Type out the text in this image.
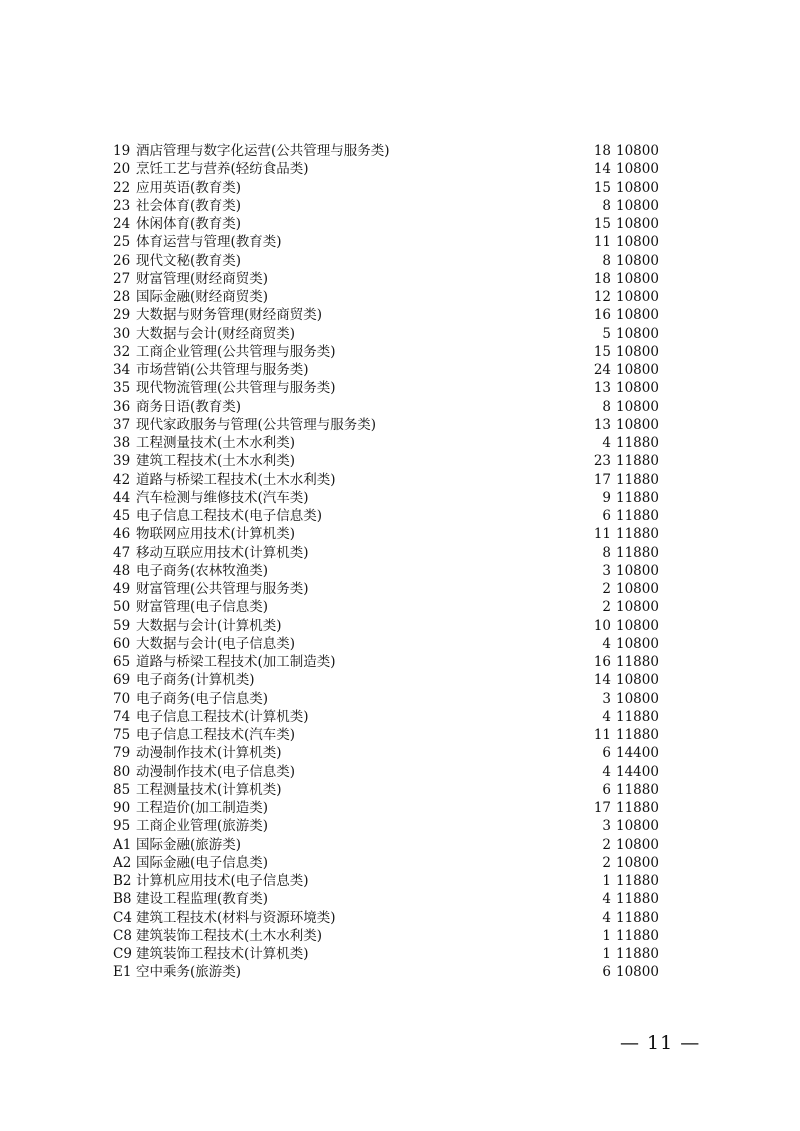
19 酒店管理与数字化运营(公共管理与服务类)	18 10800
20 烹饪工艺与营养(轻纺食品类)	14 10800
22 应用英语(教育类)	15 10800
23 社会体育(教育类)	8 10800
24 休闲体育(教育类)	15 10800
25 体育运营与管理(教育类)	11 10800
26 现代文秘(教育类)	8 10800
27 财富管理(财经商贸类)	18 10800
28 国际金融(财经商贸类)	12 10800
29 大数据与财务管理(财经商贸类)	16 10800
30 大数据与会计(财经商贸类)	5 10800
32 工商企业管理(公共管理与服务类)	15 10800
34 市场营销(公共管理与服务类)	24 10800
35 现代物流管理(公共管理与服务类)	13 10800
36 商务日语(教育类)	8 10800
37 现代家政服务与管理(公共管理与服务类)	13 10800
38 工程测量技术(土木水利类)	4 11880
39 建筑工程技术(土木水利类)	23 11880
42 道路与桥梁工程技术(土木水利类)	17 11880
44 汽车检测与维修技术(汽车类)	9 11880
45 电子信息工程技术(电子信息类)	6 11880
46 物联网应用技术(计算机类)	11 11880
47 移动互联应用技术(计算机类)	8 11880
48 电子商务(农林牧渔类)	3 10800
49 财富管理(公共管理与服务类)	2 10800
50 财富管理(电子信息类)	2 10800
59 大数据与会计(计算机类)	10 10800
60 大数据与会计(电子信息类)	4 10800
65 道路与桥梁工程技术(加工制造类)	16 11880
69 电子商务(计算机类)	14 10800
70 电子商务(电子信息类)	3 10800
74 电子信息工程技术(计算机类)	4 11880
75 电子信息工程技术(汽车类)	11 11880
79 动漫制作技术(计算机类)	6 14400
80 动漫制作技术(电子信息类)	4 14400
85 工程测量技术(计算机类)	6 11880
90 工程造价(加工制造类)	17 11880
95 工商企业管理(旅游类)	3 10800
A1 国际金融(旅游类)	2 10800
A2 国际金融(电子信息类)	2 10800
B2 计算机应用技术(电子信息类)	1 11880
B8 建设工程监理(教育类)	4 11880
C4 建筑工程技术(材料与资源环境类)	4 11880
C8 建筑装饰工程技术(土木水利类)	1 11880
C9 建筑装饰工程技术(计算机类)	1 11880
E1 空中乘务(旅游类)	6 10800
— 11 —
